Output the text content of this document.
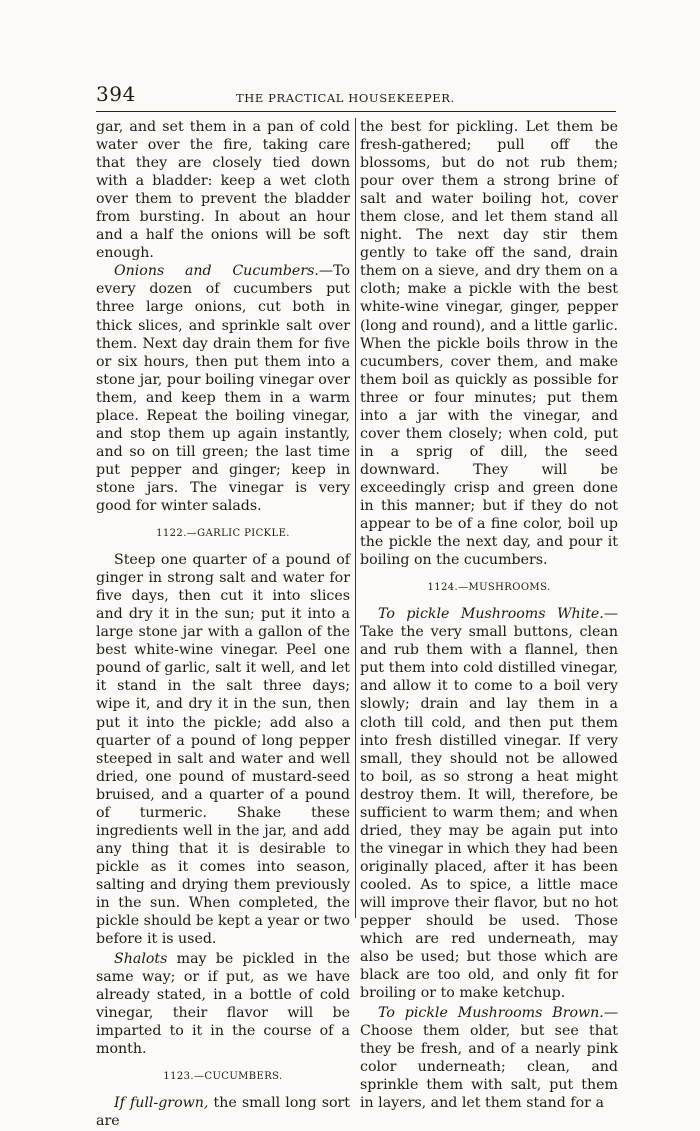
394	THE PRACTICAL HOUSEKEEPER.

gar, and set them in a pan of cold water over the fire, taking care that they are closely tied down with a bladder: keep a wet cloth over them to prevent the bladder from bursting. In about an hour and a half the onions will be soft enough.

Onions and Cucumbers.—To every dozen of cucumbers put three large onions, cut both in thick slices, and sprinkle salt over them. Next day drain them for five or six hours, then put them into a stone jar, pour boiling vinegar over them, and keep them in a warm place. Repeat the boiling vinegar, and stop them up again instantly, and so on till green; the last time put pepper and ginger; keep in stone jars. The vinegar is very good for winter salads.

1122.—GARLIC PICKLE.

Steep one quarter of a pound of ginger in strong salt and water for five days, then cut it into slices and dry it in the sun; put it into a large stone jar with a gallon of the best white-wine vinegar. Peel one pound of garlic, salt it well, and let it stand in the salt three days; wipe it, and dry it in the sun, then put it into the pickle; add also a quarter of a pound of long pepper steeped in salt and water and well dried, one pound of mustard-seed bruised, and a quarter of a pound of turmeric. Shake these ingredients well in the jar, and add any thing that it is desirable to pickle as it comes into season, salting and drying them previously in the sun. When completed, the pickle should be kept a year or two before it is used.

Shalots may be pickled in the same way; or if put, as we have already stated, in a bottle of cold vinegar, their flavor will be imparted to it in the course of a month.

1123.—CUCUMBERS.

If full-grown, the small long sort are

the best for pickling. Let them be fresh-gathered; pull off the blossoms, but do not rub them; pour over them a strong brine of salt and water boiling hot, cover them close, and let them stand all night. The next day stir them gently to take off the sand, drain them on a sieve, and dry them on a cloth; make a pickle with the best white-wine vinegar, ginger, pepper (long and round), and a little garlic. When the pickle boils throw in the cucumbers, cover them, and make them boil as quickly as possible for three or four minutes; put them into a jar with the vinegar, and cover them closely; when cold, put in a sprig of dill, the seed downward. They will be exceedingly crisp and green done in this manner; but if they do not appear to be of a fine color, boil up the pickle the next day, and pour it boiling on the cucumbers.

1124.—MUSHROOMS.

To pickle Mushrooms White.—Take the very small buttons, clean and rub them with a flannel, then put them into cold distilled vinegar, and allow it to come to a boil very slowly; drain and lay them in a cloth till cold, and then put them into fresh distilled vinegar. If very small, they should not be allowed to boil, as so strong a heat might destroy them. It will, therefore, be sufficient to warm them; and when dried, they may be again put into the vinegar in which they had been originally placed, after it has been cooled. As to spice, a little mace will improve their flavor, but no hot pepper should be used. Those which are red underneath, may also be used; but those which are black are too old, and only fit for broiling or to make ketchup.

To pickle Mushrooms Brown.—Choose them older, but see that they be fresh, and of a nearly pink color underneath; clean, and sprinkle them with salt, put them in layers, and let them stand for a
